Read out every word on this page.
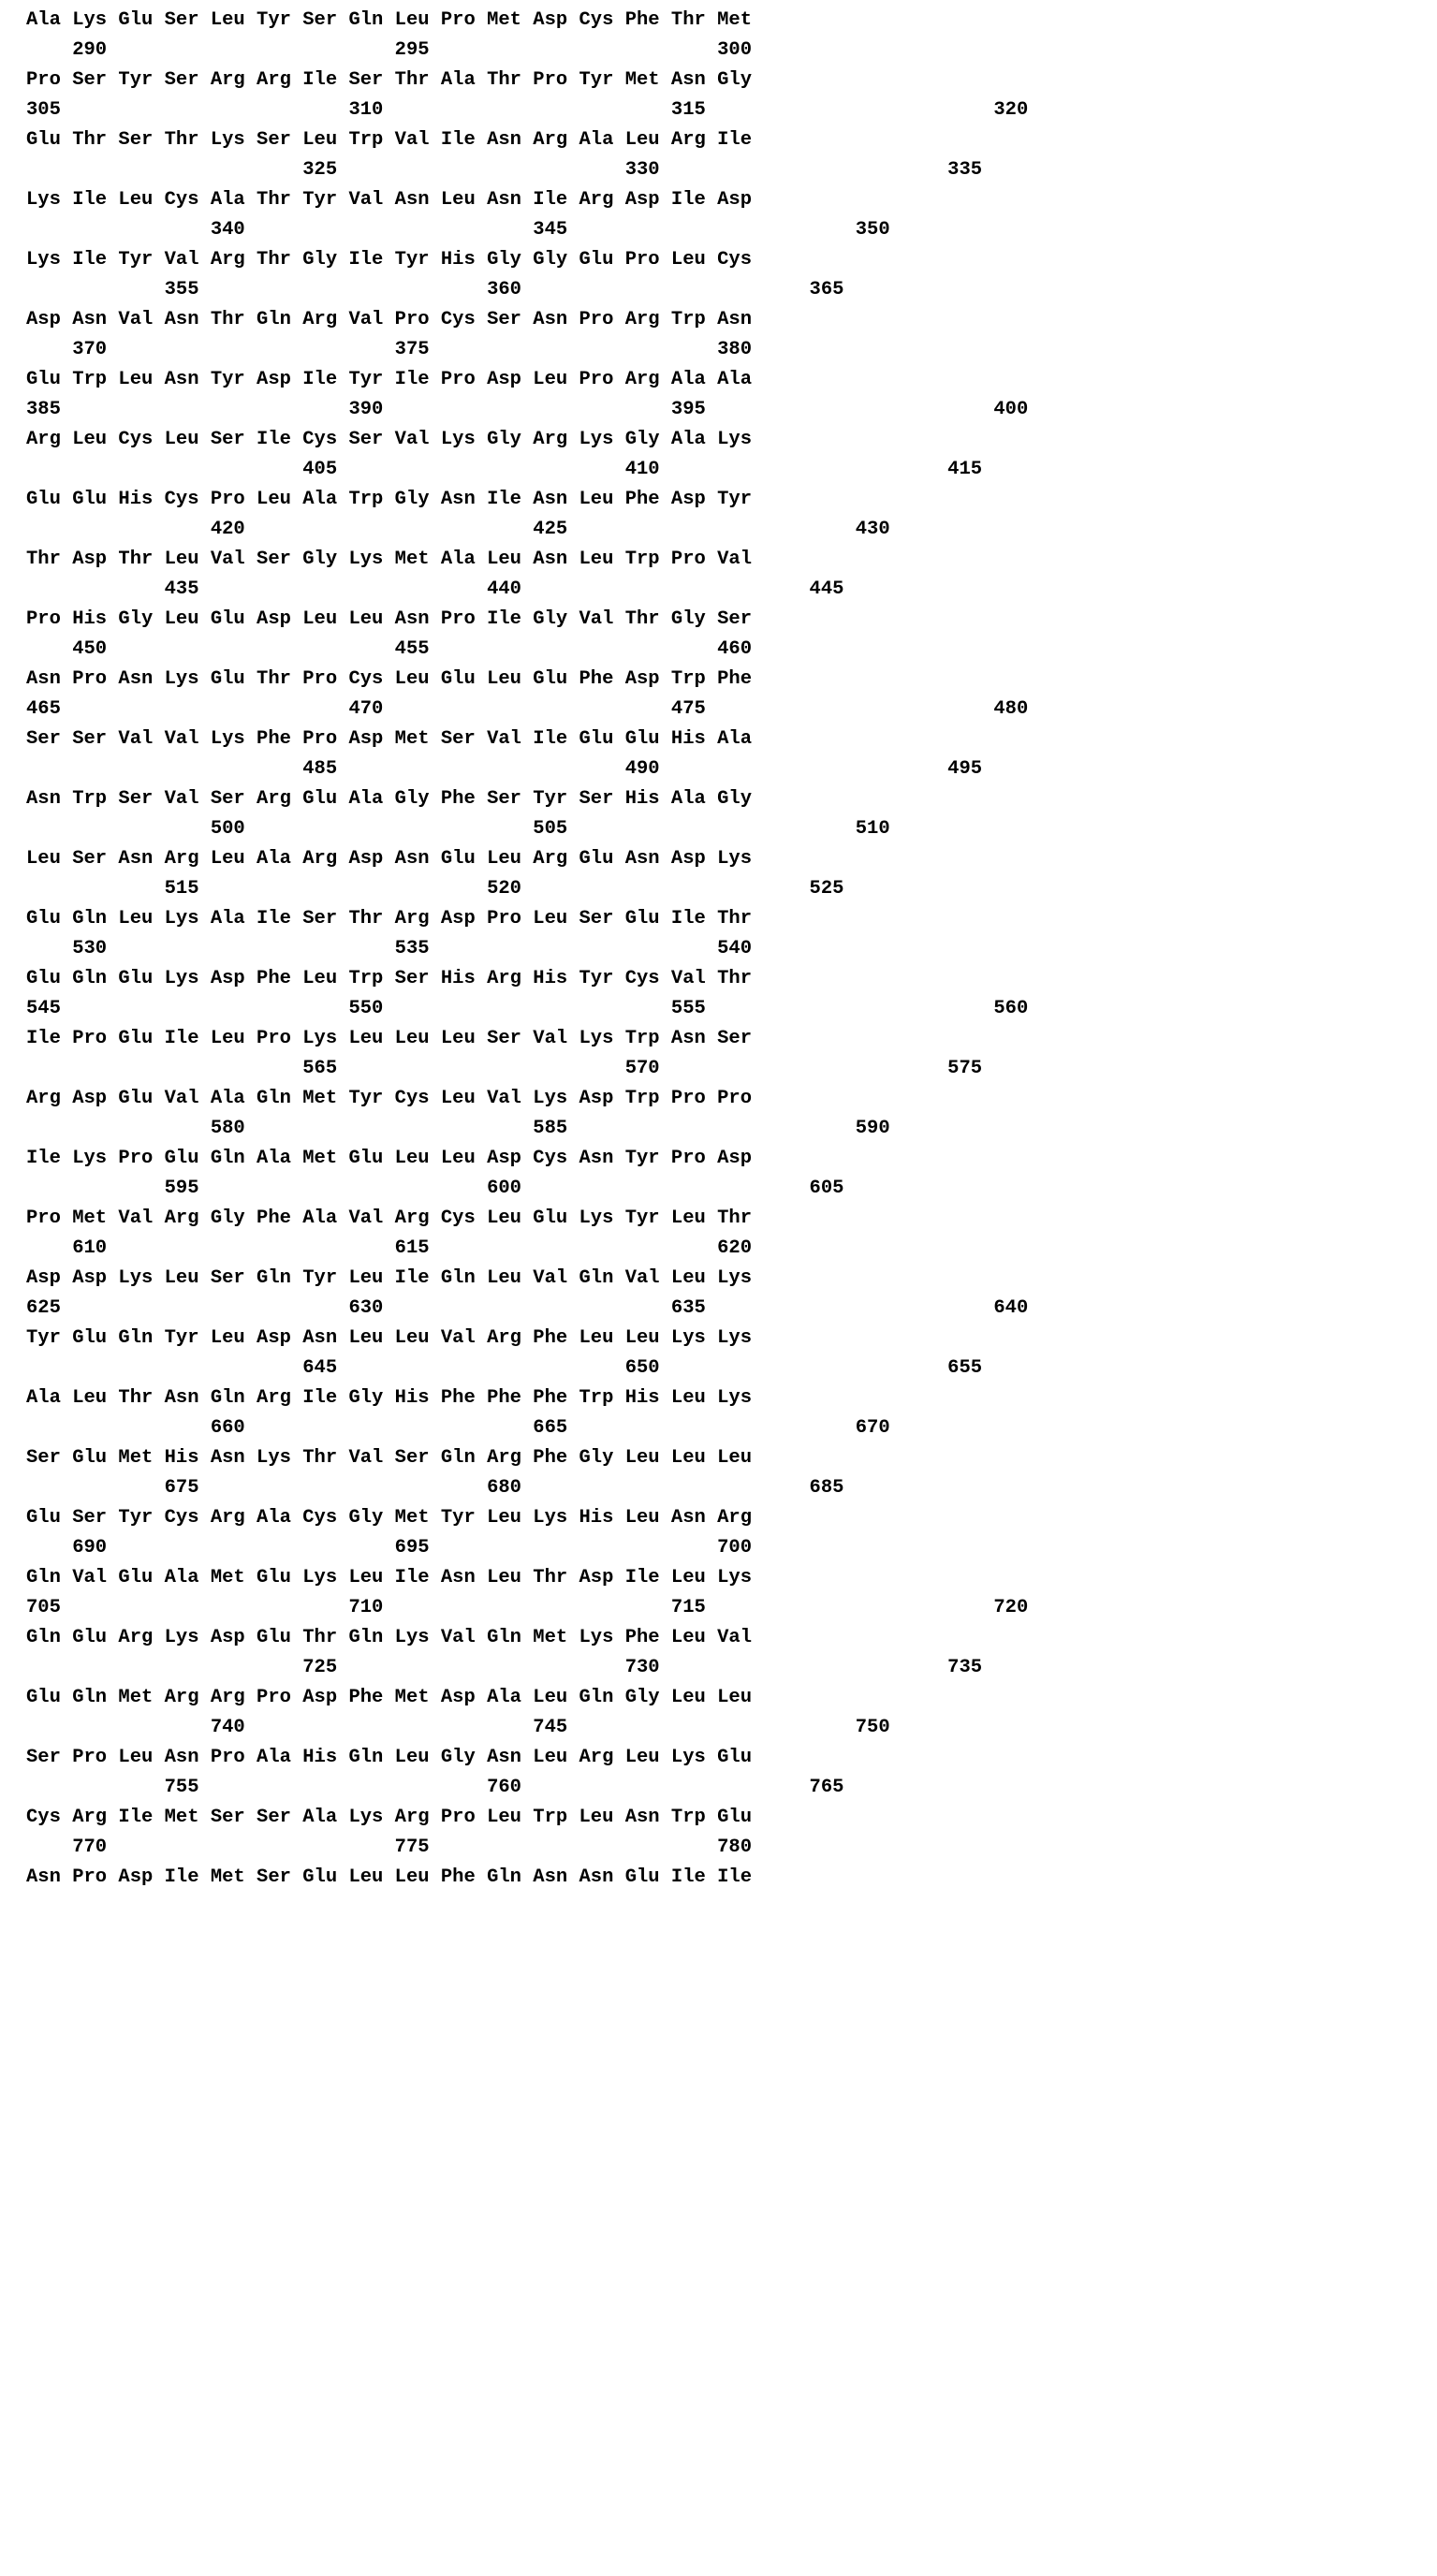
Ala Lys Glu Ser Leu Tyr Ser Gln Leu Pro Met Asp Cys Phe Thr Met
290                         295                         300
Pro Ser Tyr Ser Arg Arg Ile Ser Thr Ala Thr Pro Tyr Met Asn Gly
305                         310                         315                         320
Glu Thr Ser Thr Lys Ser Leu Trp Val Ile Asn Arg Ala Leu Arg Ile
325                         330                         335
Lys Ile Leu Cys Ala Thr Tyr Val Asn Leu Asn Ile Arg Asp Ile Asp
340                         345                         350
Lys Ile Tyr Val Arg Thr Gly Ile Tyr His Gly Gly Glu Pro Leu Cys
355                         360                         365
Asp Asn Val Asn Thr Gln Arg Val Pro Cys Ser Asn Pro Arg Trp Asn
370                         375                         380
Glu Trp Leu Asn Tyr Asp Ile Tyr Ile Pro Asp Leu Pro Arg Ala Ala
385                         390                         395                         400
Arg Leu Cys Leu Ser Ile Cys Ser Val Lys Gly Arg Lys Gly Ala Lys
405                         410                         415
Glu Glu His Cys Pro Leu Ala Trp Gly Asn Ile Asn Leu Phe Asp Tyr
420                         425                         430
Thr Asp Thr Leu Val Ser Gly Lys Met Ala Leu Asn Leu Trp Pro Val
435                         440                         445
Pro His Gly Leu Glu Asp Leu Leu Asn Pro Ile Gly Val Thr Gly Ser
450                         455                         460
Asn Pro Asn Lys Glu Thr Pro Cys Leu Glu Leu Glu Phe Asp Trp Phe
465                         470                         475                         480
Ser Ser Val Val Lys Phe Pro Asp Met Ser Val Ile Glu Glu His Ala
485                         490                         495
Asn Trp Ser Val Ser Arg Glu Ala Gly Phe Ser Tyr Ser His Ala Gly
500                         505                         510
Leu Ser Asn Arg Leu Ala Arg Asp Asn Glu Leu Arg Glu Asn Asp Lys
515                         520                         525
Glu Gln Leu Lys Ala Ile Ser Thr Arg Asp Pro Leu Ser Glu Ile Thr
530                         535                         540
Glu Gln Glu Lys Asp Phe Leu Trp Ser His Arg His Tyr Cys Val Thr
545                         550                         555                         560
Ile Pro Glu Ile Leu Pro Lys Leu Leu Leu Ser Val Lys Trp Asn Ser
565                         570                         575
Arg Asp Glu Val Ala Gln Met Tyr Cys Leu Val Lys Asp Trp Pro Pro
580                         585                         590
Ile Lys Pro Glu Gln Ala Met Glu Leu Leu Asp Cys Asn Tyr Pro Asp
595                         600                         605
Pro Met Val Arg Gly Phe Ala Val Arg Cys Leu Glu Lys Tyr Leu Thr
610                         615                         620
Asp Asp Lys Leu Ser Gln Tyr Leu Ile Gln Leu Val Gln Val Leu Lys
625                         630                         635                         640
Tyr Glu Gln Tyr Leu Asp Asn Leu Leu Val Arg Phe Leu Leu Lys Lys
645                         650                         655
Ala Leu Thr Asn Gln Arg Ile Gly His Phe Phe Phe Trp His Leu Lys
660                         665                         670
Ser Glu Met His Asn Lys Thr Val Ser Gln Arg Phe Gly Leu Leu Leu
675                         680                         685
Glu Ser Tyr Cys Arg Ala Cys Gly Met Tyr Leu Lys His Leu Asn Arg
690                         695                         700
Gln Val Glu Ala Met Glu Lys Leu Ile Asn Leu Thr Asp Ile Leu Lys
705                         710                         715                         720
Gln Glu Arg Lys Asp Glu Thr Gln Lys Val Gln Met Lys Phe Leu Val
725                         730                         735
Glu Gln Met Arg Arg Pro Asp Phe Met Asp Ala Leu Gln Gly Leu Leu
740                         745                         750
Ser Pro Leu Asn Pro Ala His Gln Leu Gly Asn Leu Arg Leu Lys Glu
755                         760                         765
Cys Arg Ile Met Ser Ser Ala Lys Arg Pro Leu Trp Leu Asn Trp Glu
770                         775                         780
Asn Pro Asp Ile Met Ser Glu Leu Leu Phe Gln Asn Asn Glu Ile Ile
